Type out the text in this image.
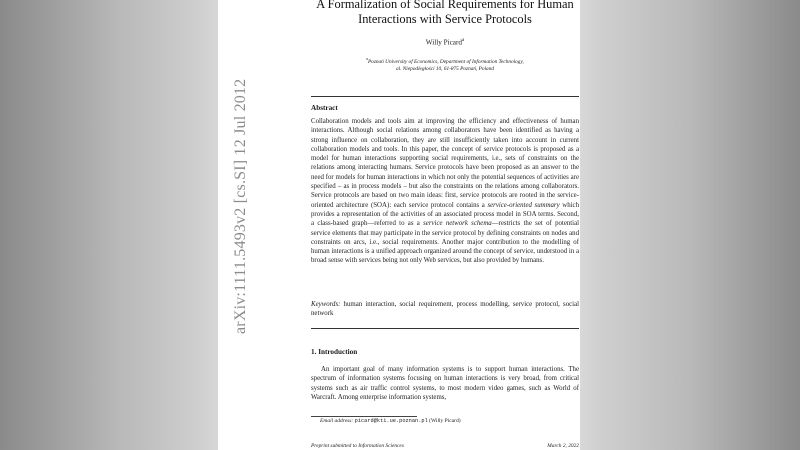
arXiv:1111.5493v2 [cs.SI] 12 Jul 2012
A Formalization of Social Requirements for Human Interactions with Service Protocols
Willy Picard$^a$
$^a$Poznań University of Economics, Department of Information Technology,
al. Niepodległości 10, 61-875 Poznań, Poland
Abstract
Collaboration models and tools aim at improving the efficiency and effectiveness of human interactions. Although social relations among collaborators have been identified as having a strong influence on collaboration, they are still insufficiently taken into account in current collaboration models and tools. In this paper, the concept of service protocols is proposed as a model for human interactions supporting social requirements, i.e., sets of constraints on the relations among interacting humans. Service protocols have been proposed as an answer to the need for models for human interactions in which not only the potential sequences of activities are specified – as in process models – but also the constraints on the relations among collaborators. Service protocols are based on two main ideas: first, service protocols are rooted in the service-oriented architecture (SOA): each service protocol contains a service-oriented summary which provides a representation of the activities of an associated process model in SOA terms. Second, a class-based graph—referred to as a service network schema—restricts the set of potential service elements that may participate in the service protocol by defining constraints on nodes and constraints on arcs, i.e., social requirements. Another major contribution to the modelling of human interactions is a unified approach organized around the concept of service, understood in a broad sense with services being not only Web services, but also provided by humans.
Keywords: human interaction, social requirement, process modelling, service protocol, social network
1. Introduction
An important goal of many information systems is to support human interactions. The spectrum of information systems focusing on human interactions is very broad, from critical systems such as air traffic control systems, to most modern video games, such as World of Warcraft. Among enterprise information systems,
Email address: picard@kti.ue.poznan.pl (Willy Picard)
Preprint submitted to Information Sciences	March 2, 2022
